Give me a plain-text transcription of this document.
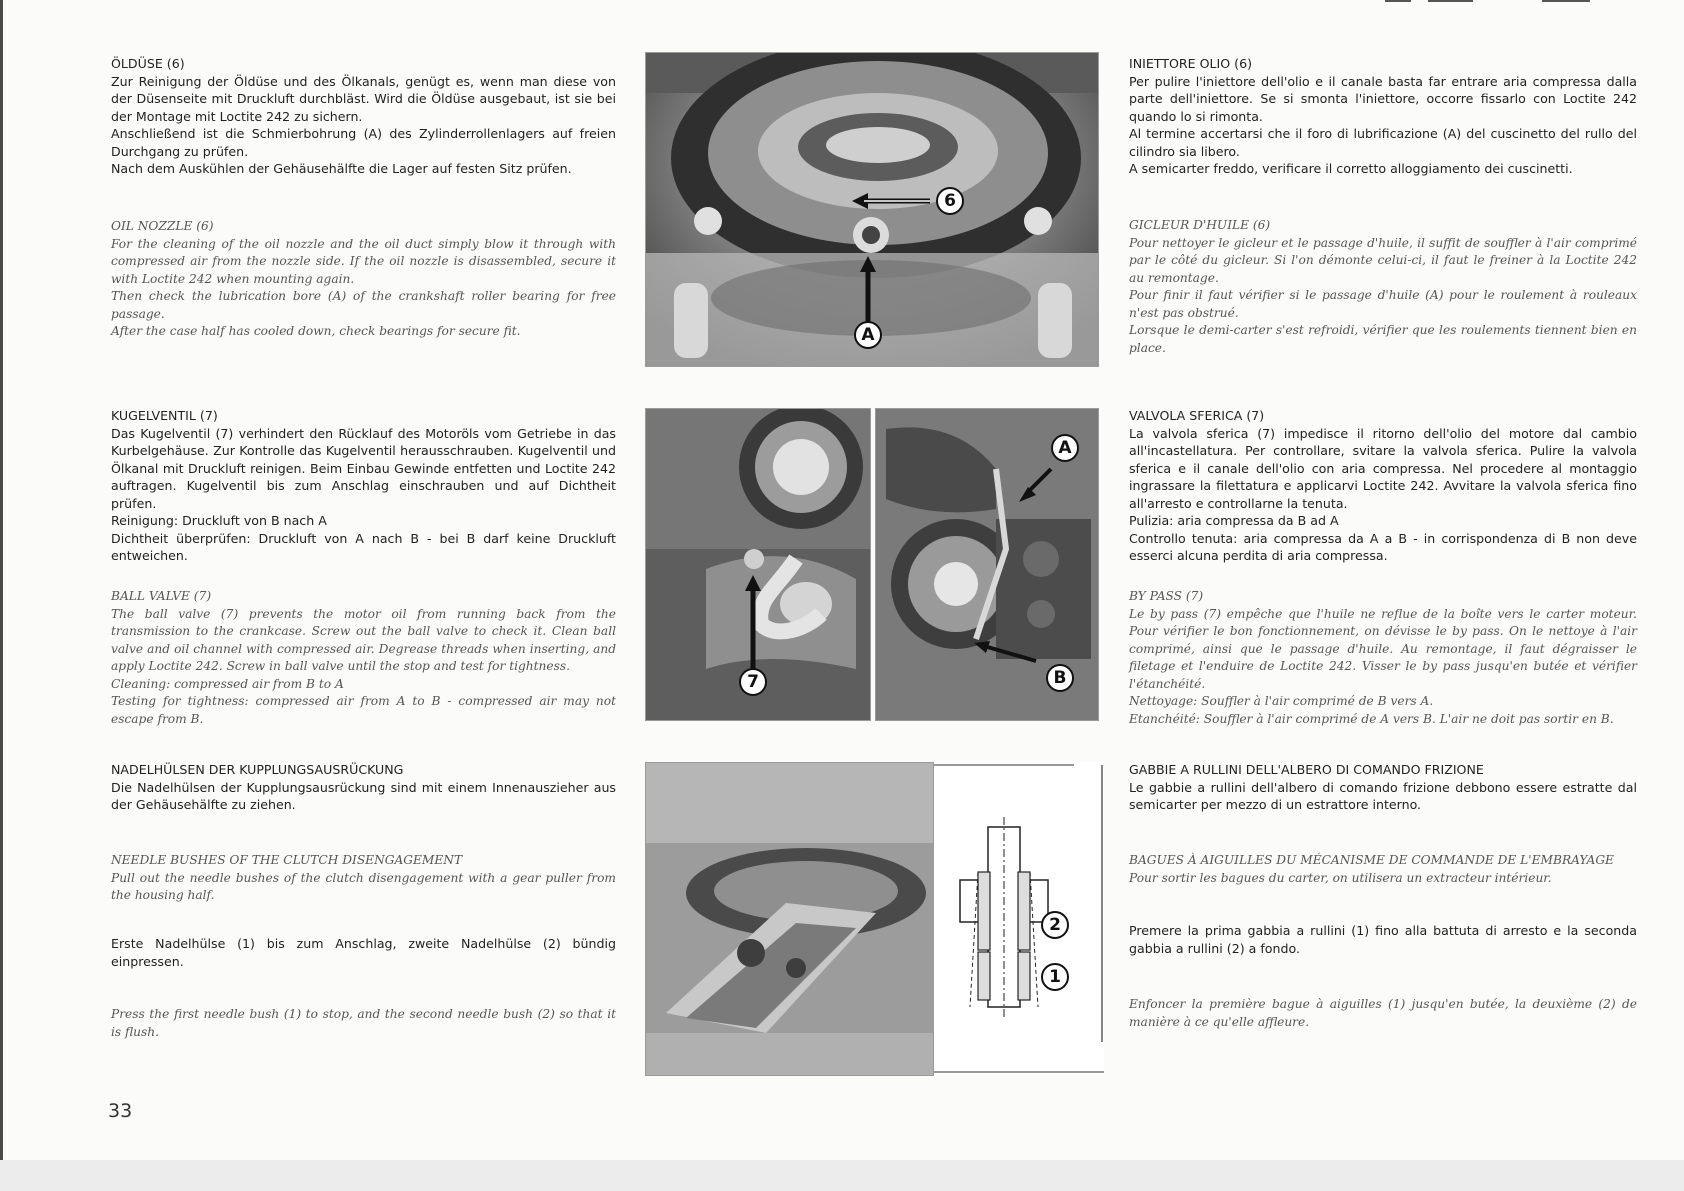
ÖLDÜSE (6)

Zur Reinigung der Öldüse und des Ölkanals, genügt es, wenn man diese von der Düsenseite mit Druckluft durchbläst. Wird die Öldüse ausgebaut, ist sie bei der Montage mit Loctite 242 zu sichern.

Anschließend ist die Schmierbohrung (A) des Zylinderrollenlagers auf freien Durchgang zu prüfen.

Nach dem Auskühlen der Gehäusehälfte die Lager auf festen Sitz prüfen.

OIL NOZZLE (6)

For the cleaning of the oil nozzle and the oil duct simply blow it through with compressed air from the nozzle side. If the oil nozzle is disassembled, secure it with Loctite 242 when mounting again.

Then check the lubrication bore (A) of the crankshaft roller bearing for free passage.

After the case half has cooled down, check bearings for secure fit.

KUGELVENTIL (7)

Das Kugelventil (7) verhindert den Rücklauf des Motoröls vom Getriebe in das Kurbelgehäuse. Zur Kontrolle das Kugelventil herausschrauben. Kugelventil und Ölkanal mit Druckluft reinigen. Beim Einbau Gewinde entfetten und Loctite 242 auftragen. Kugelventil bis zum Anschlag einschrauben und auf Dichtheit prüfen.

Reinigung: Druckluft von B nach A

Dichtheit überprüfen: Druckluft von A nach B - bei B darf keine Druckluft entweichen.

BALL VALVE (7)

The ball valve (7) prevents the motor oil from running back from the transmission to the crankcase. Screw out the ball valve to check it. Clean ball valve and oil channel with compressed air. Degrease threads when inserting, and apply Loctite 242. Screw in ball valve until the stop and test for tightness.

Cleaning: compressed air from B to A

Testing for tightness: compressed air from A to B - compressed air may not escape from B.

NADELHÜLSEN DER KUPPLUNGSAUSRÜCKUNG

Die Nadelhülsen der Kupplungsausrückung sind mit einem Innenauszieher aus der Gehäusehälfte zu ziehen.

NEEDLE BUSHES OF THE CLUTCH DISENGAGEMENT

Pull out the needle bushes of the clutch disengagement with a gear puller from the housing half.

Erste Nadelhülse (1) bis zum Anschlag, zweite Nadelhülse (2) bündig einpressen.

Press the first needle bush (1) to stop, and the second needle bush (2) so that it is flush.

6
A
7
A
B
2
1
INIETTORE OLIO (6)

Per pulire l'iniettore dell'olio e il canale basta far entrare aria compressa dalla parte dell'iniettore. Se si smonta l'iniettore, occorre fissarlo con Loctite 242 quando lo si rimonta.

Al termine accertarsi che il foro di lubrificazione (A) del cuscinetto del rullo del cilindro sia libero.

A semicarter freddo, verificare il corretto alloggiamento dei cuscinetti.

GICLEUR D'HUILE (6)

Pour nettoyer le gicleur et le passage d'huile, il suffit de souffler à l'air comprimé par le côté du gicleur. Si l'on démonte celui-ci, il faut le freiner à la Loctite 242 au remontage.

Pour finir il faut vérifier si le passage d'huile (A) pour le roulement à rouleaux n'est pas obstrué.

Lorsque le demi-carter s'est refroidi, vérifier que les roulements tiennent bien en place.

VALVOLA SFERICA (7)

La valvola sferica (7) impedisce il ritorno dell'olio del motore dal cambio all'incastellatura. Per controllare, svitare la valvola sferica. Pulire la valvola sferica e il canale dell'olio con aria compressa. Nel procedere al montaggio ingrassare la filettatura e applicarvi Loctite 242. Avvitare la valvola sferica fino all'arresto e controllarne la tenuta.

Pulizia: aria compressa da B ad A

Controllo tenuta: aria compressa da A a B - in corrispondenza di B non deve esserci alcuna perdita di aria compressa.

BY PASS (7)

Le by pass (7) empêche que l'huile ne reflue de la boîte vers le carter moteur. Pour vérifier le bon fonctionnement, on dévisse le by pass. On le nettoye à l'air comprimé, ainsi que le passage d'huile. Au remontage, il faut dégraisser le filetage et l'enduire de Loctite 242. Visser le by pass jusqu'en butée et vérifier l'étanchéité.

Nettoyage: Souffler à l'air comprimé de B vers A.

Etanchéité: Souffler à l'air comprimé de A vers B. L'air ne doit pas sortir en B.

GABBIE A RULLINI DELL'ALBERO DI COMANDO FRIZIONE

Le gabbie a rullini dell'albero di comando frizione debbono essere estratte dal semicarter per mezzo di un estrattore interno.

BAGUES À AIGUILLES DU MÉCANISME DE COMMANDE DE L'EMBRAYAGE

Pour sortir les bagues du carter, on utilisera un extracteur intérieur.

Premere la prima gabbia a rullini (1) fino alla battuta di arresto e la seconda gabbia a rullini (2) a fondo.

Enfoncer la première bague à aiguilles (1) jusqu'en butée, la deuxième (2) de manière à ce qu'elle affleure.

33
